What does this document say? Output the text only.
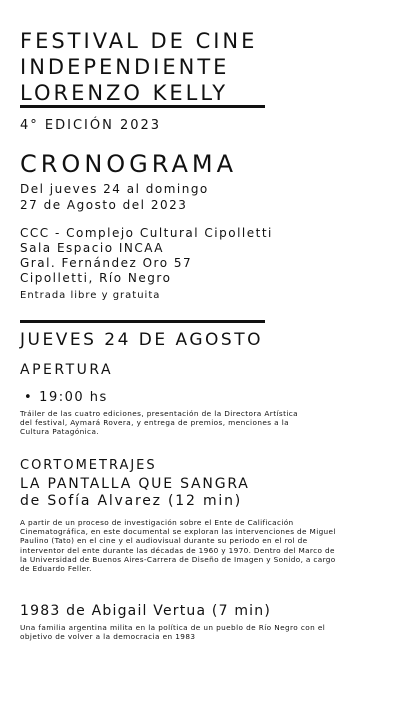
FESTIVAL DE CINE
INDEPENDIENTE
LORENZO KELLY
4° EDICIÓN 2023
CRONOGRAMA
Del jueves 24 al domingo
27 de Agosto del 2023
CCC - Complejo Cultural Cipolletti
Sala Espacio INCAA
Gral. Fernández Oro 57
Cipolletti, Río Negro
Entrada libre y gratuita
JUEVES 24 DE AGOSTO
APERTURA
• 19:00 hs
Tráiler de las cuatro ediciones, presentación de la Directora Artística del festival, Aymará Rovera, y entrega de premios, menciones a la Cultura Patagónica.
CORTOMETRAJES
LA PANTALLA QUE SANGRA
de Sofía Alvarez (12 min)
A partir de un proceso de investigación sobre el Ente de Calificación Cinematográfica, en este documental se exploran las intervenciones de Miguel Paulino (Tato) en el cine y el audiovisual durante su periodo en el rol de interventor del ente durante las décadas de 1960 y 1970. Dentro del Marco de la Universidad de Buenos Aires-Carrera de Diseño de Imagen y Sonido, a cargo de Eduardo Feller.
1983 de Abigail Vertua (7 min)
Una familia argentina milita en la política de un pueblo de Río Negro con el objetivo de volver a la democracia en 1983
